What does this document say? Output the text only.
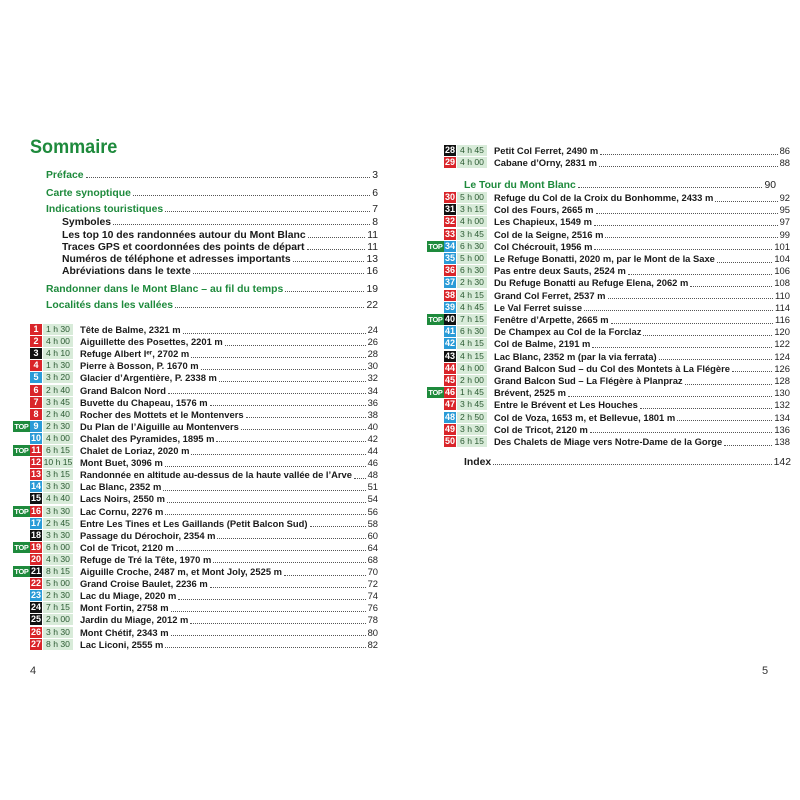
Sommaire
Préface	3
Carte synoptique	6
Indications touristiques	7
Symboles	8
Les top 10 des randonnées autour du Mont Blanc	11
Traces GPS et coordonnées des points de départ	11
Numéros de téléphone et adresses importants	13
Abréviations dans le texte	16
Randonner dans le Mont Blanc – au fil du temps	19
Localités dans les vallées	22
1 1 h 30	Tête de Balme, 2321 m	24
2 4 h 00	Aiguillette des Posettes, 2201 m	26
3 4 h 10	Refuge Albert Iᵉʳ, 2702 m	28
4 1 h 30	Pierre à Bosson, P. 1670 m	30
5 3 h 20	Glacier d’Argentière, P. 2338 m	32
6 2 h 40	Grand Balcon Nord	34
7 3 h 45	Buvette du Chapeau, 1576 m	36
8 2 h 40	Rocher des Mottets et le Montenvers	38
TOP 9 2 h 30	Du Plan de l’Aiguille au Montenvers	40
10 4 h 00	Chalet des Pyramides, 1895 m	42
TOP 11 6 h 15	Chalet de Loriaz, 2020 m	44
12 10 h 15 Mont Buet, 3096 m	46
13 3 h 15	Randonnée en altitude au-dessus de la haute vallée de l’Arve 48
14 3 h 30	Lac Blanc, 2352 m	51
15 4 h 40	Lacs Noirs, 2550 m	54
TOP 16 3 h 30	Lac Cornu, 2276 m	56
17 2 h 45	Entre Les Tines et Les Gaillands (Petit Balcon Sud)	58
18 3 h 30	Passage du Dérochoir, 2354 m	60
TOP 19 6 h 00	Col de Tricot, 2120 m	64
20 4 h 30	Refuge de Tré la Tête, 1970 m	68
TOP 21 8 h 15	Aiguille Croche, 2487 m, et Mont Joly, 2525 m	70
22 5 h 00	Grand Croise Baulet, 2236 m	72
23 2 h 30	Lac du Miage, 2020 m	74
24 7 h 15	Mont Fortin, 2758 m	76
25 2 h 00	Jardin du Miage, 2012 m	78
26 3 h 30	Mont Chétif, 2343 m	80
27 8 h 30	Lac Liconi, 2555 m	82
4
28 4 h 45	Petit Col Ferret, 2490 m	86
29 4 h 00	Cabane d’Orny, 2831 m	88
Le Tour du Mont Blanc	90
30 5 h 00	Refuge du Col de la Croix du Bonhomme, 2433 m	92
31 3 h 15	Col des Fours, 2665 m	95
32 4 h 00	Les Chapieux, 1549 m	97
33 3 h 45	Col de la Seigne, 2516 m	99
TOP 34 6 h 30	Col Chécrouit, 1956 m	101
35 5 h 00	Le Refuge Bonatti, 2020 m, par le Mont de la Saxe	104
36 6 h 30	Pas entre deux Sauts, 2524 m	106
37 2 h 30	Du Refuge Bonatti au Refuge Elena, 2062 m	108
38 4 h 15	Grand Col Ferret, 2537 m	110
39 4 h 45	Le Val Ferret suisse	114
TOP 40 7 h 15	Fenêtre d’Arpette, 2665 m	116
41 6 h 30	De Champex au Col de la Forclaz	120
42 4 h 15	Col de Balme, 2191 m	122
43 4 h 15	Lac Blanc, 2352 m (par la via ferrata)	124
44 4 h 00	Grand Balcon Sud – du Col des Montets à La Flégère	126
45 2 h 00	Grand Balcon Sud – La Flégère à Planpraz	128
TOP 46 1 h 45	Brévent, 2525 m	130
47 3 h 45	Entre le Brévent et Les Houches	132
48 2 h 50	Col de Voza, 1653 m, et Bellevue, 1801 m	134
49 3 h 30	Col de Tricot, 2120 m	136
50 6 h 15	Des Chalets de Miage vers Notre-Dame de la Gorge	138
Index	142
5
